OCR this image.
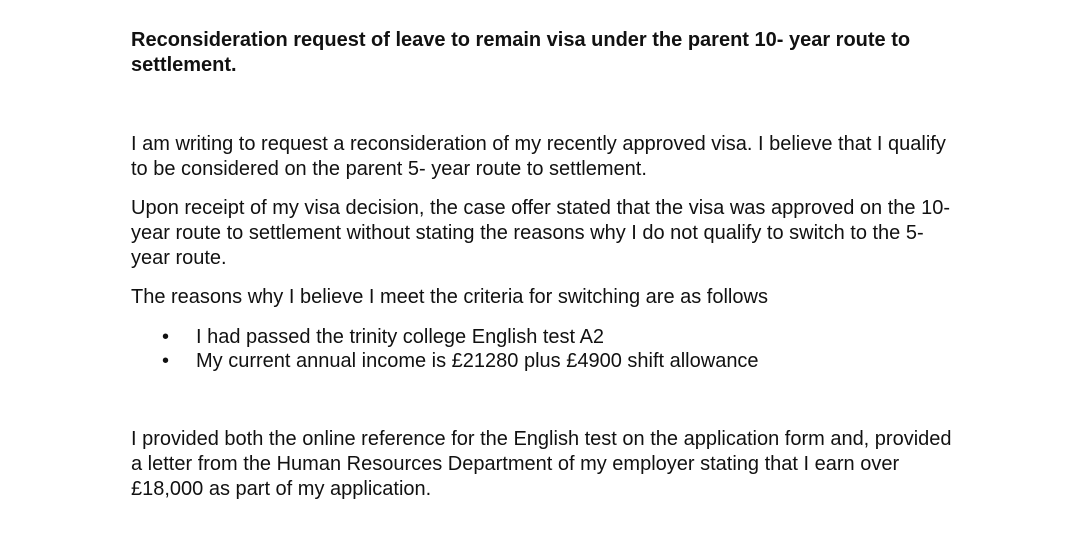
Reconsideration request of leave to remain visa under the parent 10- year route to settlement.

I am writing to request a reconsideration of my recently approved visa. I believe that I qualify to be considered on the parent 5- year route to settlement.

Upon receipt of my visa decision, the case offer stated that the visa was approved on the 10-year route to settlement without stating the reasons why I do not qualify to switch to the 5-year route.

The reasons why I believe I meet the criteria for switching are as follows

• I had passed the trinity college English test A2
• My current annual income is £21280 plus £4900 shift allowance

I provided both the online reference for the English test on the application form and, provided a letter from the Human Resources Department of my employer stating that I earn over £18,000 as part of my application.
